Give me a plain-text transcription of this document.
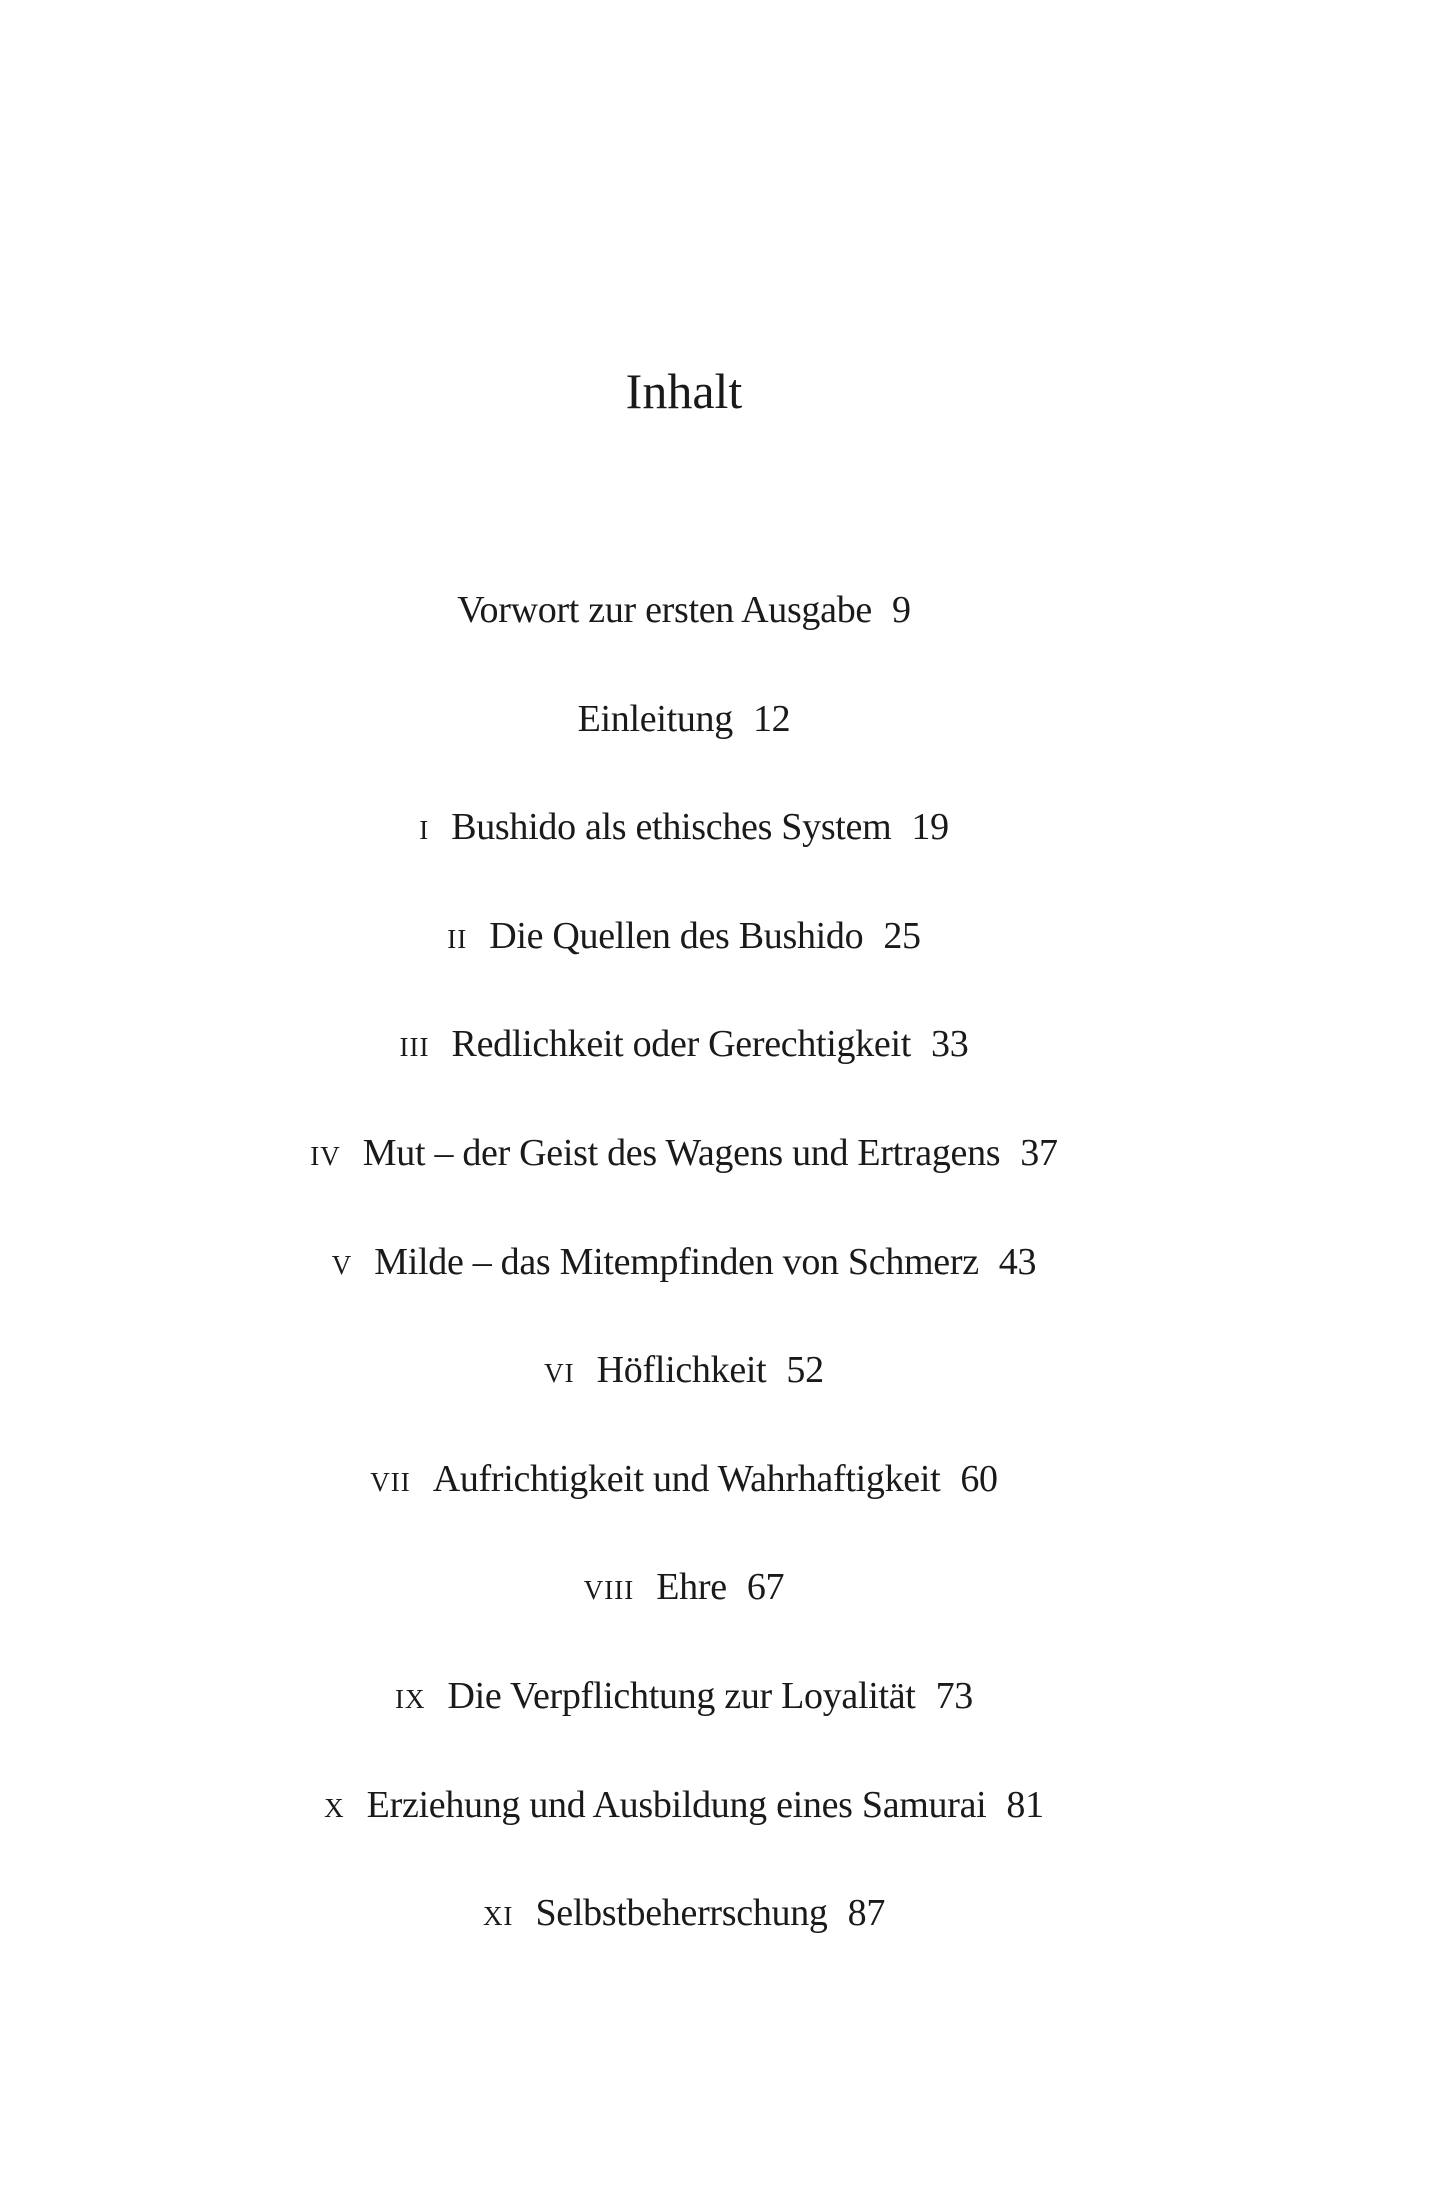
Inhalt
Vorwort zur ersten Ausgabe 9
Einleitung 12
I Bushido als ethisches System 19
II Die Quellen des Bushido 25
III Redlichkeit oder Gerechtigkeit 33
IV Mut – der Geist des Wagens und Ertragens 37
V Milde – das Mitempfinden von Schmerz 43
VI Höflichkeit 52
VII Aufrichtigkeit und Wahrhaftigkeit 60
VIII Ehre 67
IX Die Verpflichtung zur Loyalität 73
X Erziehung und Ausbildung eines Samurai 81
XI Selbstbeherrschung 87
